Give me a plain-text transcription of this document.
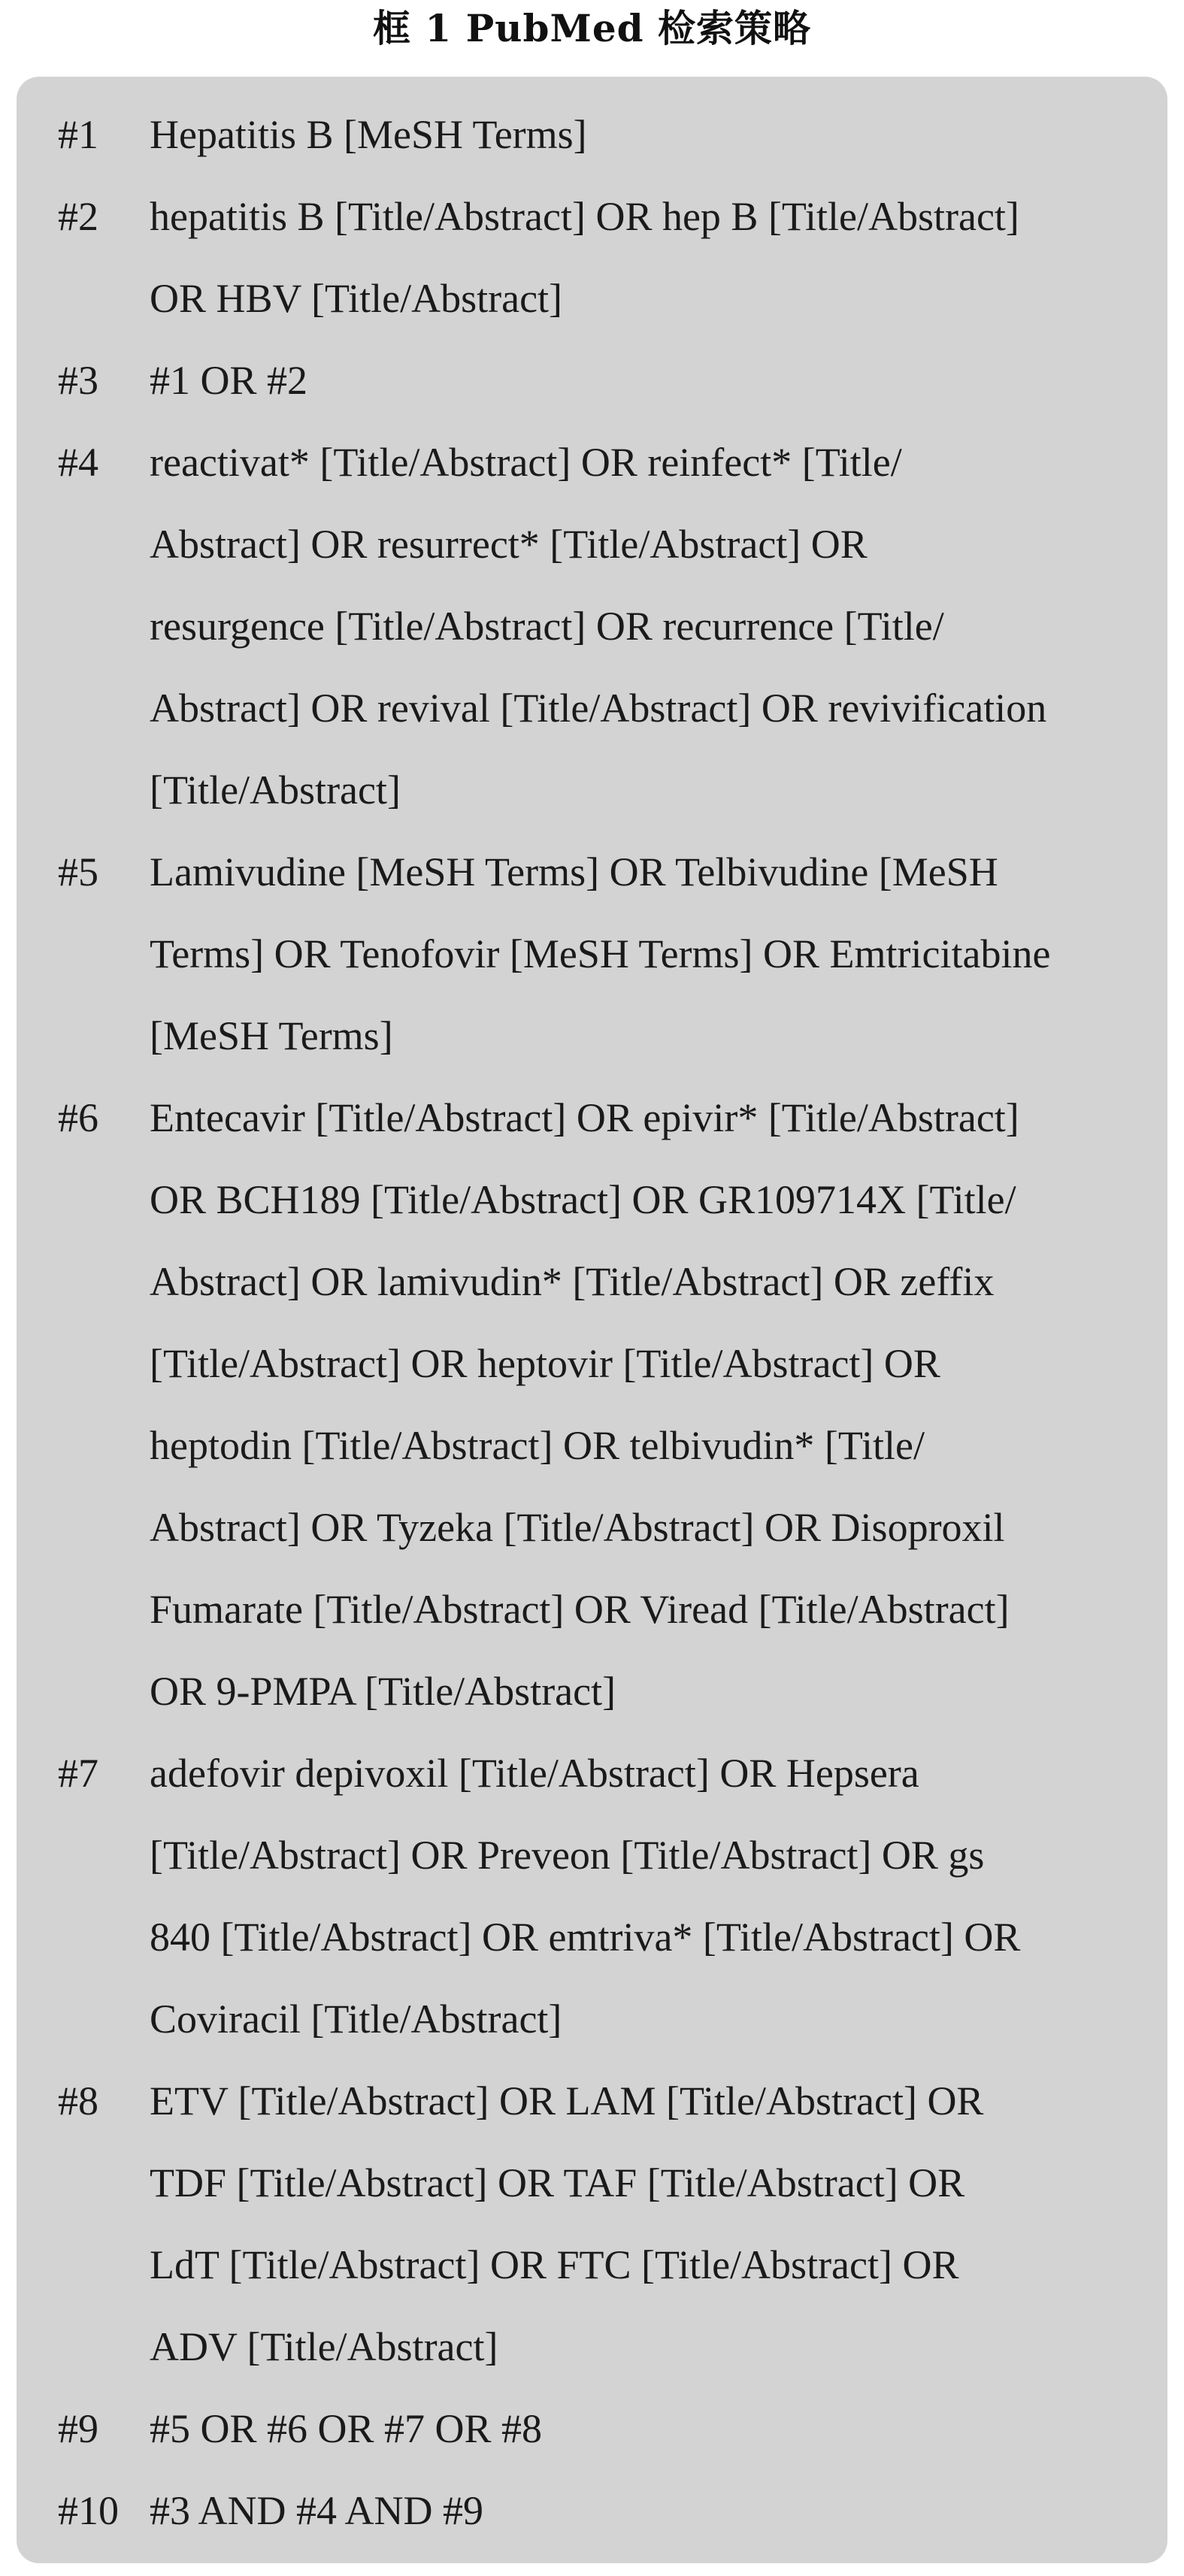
框 1 PubMed 检索策略
#1	Hepatitis B [MeSH Terms]
#2	hepatitis B [Title/Abstract] OR hep B [Title/Abstract]
OR HBV [Title/Abstract]
#3	#1 OR #2
#4	reactivat* [Title/Abstract] OR reinfect* [Title/
Abstract] OR resurrect* [Title/Abstract] OR
resurgence [Title/Abstract] OR recurrence [Title/
Abstract] OR revival [Title/Abstract] OR revivification
[Title/Abstract]
#5	Lamivudine [MeSH Terms] OR Telbivudine [MeSH
Terms] OR Tenofovir [MeSH Terms] OR Emtricitabine
[MeSH Terms]
#6	Entecavir [Title/Abstract] OR epivir* [Title/Abstract]
OR BCH189 [Title/Abstract] OR GR109714X [Title/
Abstract] OR lamivudin* [Title/Abstract] OR zeffix
[Title/Abstract] OR heptovir [Title/Abstract] OR
heptodin [Title/Abstract] OR telbivudin* [Title/
Abstract] OR Tyzeka [Title/Abstract] OR Disoproxil
Fumarate [Title/Abstract] OR Viread [Title/Abstract]
OR 9-PMPA [Title/Abstract]
#7	adefovir depivoxil [Title/Abstract] OR Hepsera
[Title/Abstract] OR Preveon [Title/Abstract] OR gs
840 [Title/Abstract] OR emtriva* [Title/Abstract] OR
Coviracil [Title/Abstract]
#8	ETV [Title/Abstract] OR LAM [Title/Abstract] OR
TDF [Title/Abstract] OR TAF [Title/Abstract] OR
LdT [Title/Abstract] OR FTC [Title/Abstract] OR
ADV [Title/Abstract]
#9	#5 OR #6 OR #7 OR #8
#10 #3 AND #4 AND #9
